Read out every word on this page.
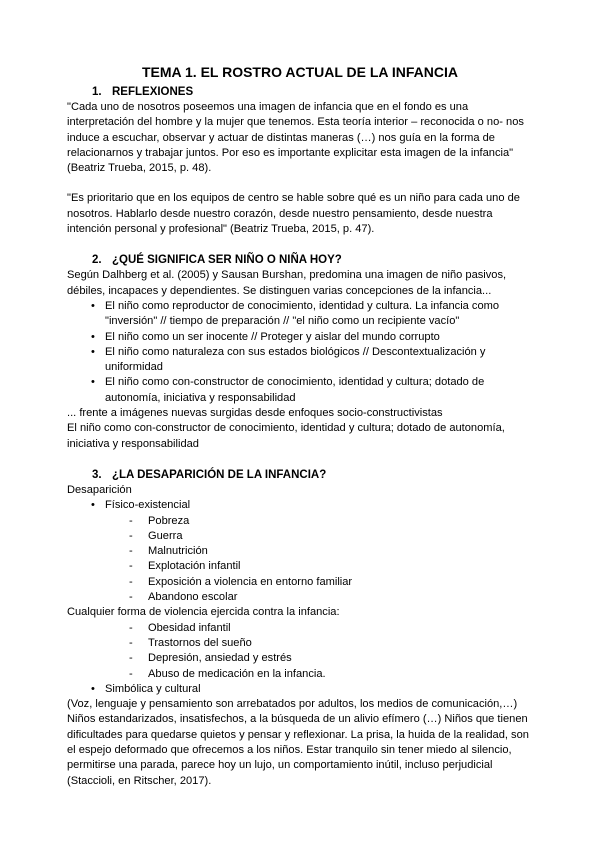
TEMA 1. EL ROSTRO ACTUAL DE LA INFANCIA
1. REFLEXIONES

"Cada uno de nosotros poseemos una imagen de infancia que en el fondo es una interpretación del hombre y la mujer que tenemos. Esta teoría interior – reconocida o no- nos induce a escuchar, observar y actuar de distintas maneras (…) nos guía en la forma de relacionarnos y trabajar juntos. Por eso es importante explicitar esta imagen de la infancia" (Beatriz Trueba, 2015, p. 48).

"Es prioritario que en los equipos de centro se hable sobre qué es un niño para cada uno de nosotros. Hablarlo desde nuestro corazón, desde nuestro pensamiento, desde nuestra intención personal y profesional" (Beatriz Trueba, 2015, p. 47).

2. ¿QUÉ SIGNIFICA SER NIÑO O NIÑA HOY?

Según Dalhberg et al. (2005) y Sausan Burshan, predomina una imagen de niño pasivos, débiles, incapaces y dependientes. Se distinguen varias concepciones de la infancia...

• El niño como reproductor de conocimiento, identidad y cultura. La infancia como "inversión" // tiempo de preparación // "el niño como un recipiente vacío"
• El niño como un ser inocente // Proteger y aislar del mundo corrupto
• El niño como naturaleza con sus estados biológicos // Descontextualización y uniformidad
• El niño como con-constructor de conocimiento, identidad y cultura; dotado de autonomía, iniciativa y responsabilidad

... frente a imágenes nuevas surgidas desde enfoques socio-constructivistas

El niño como con-constructor de conocimiento, identidad y cultura; dotado de autonomía, iniciativa y responsabilidad

3. ¿LA DESAPARICIÓN DE LA INFANCIA?

Desaparición

• Físico-existencial
- Pobreza
- Guerra
- Malnutrición
- Explotación infantil
- Exposición a violencia en entorno familiar
- Abandono escolar

Cualquier forma de violencia ejercida contra la infancia:

- Obesidad infantil
- Trastornos del sueño
- Depresión, ansiedad y estrés
- Abuso de medicación en la infancia.
• Simbólica y cultural

(Voz, lenguaje y pensamiento son arrebatados por adultos, los medios de comunicación,…) Niños estandarizados, insatisfechos, a la búsqueda de un alivio efímero (…) Niños que tienen dificultades para quedarse quietos y pensar y reflexionar. La prisa, la huida de la realidad, son el espejo deformado que ofrecemos a los niños. Estar tranquilo sin tener miedo al silencio, permitirse una parada, parece hoy un lujo, un comportamiento inútil, incluso perjudicial (Staccioli, en Ritscher, 2017).
